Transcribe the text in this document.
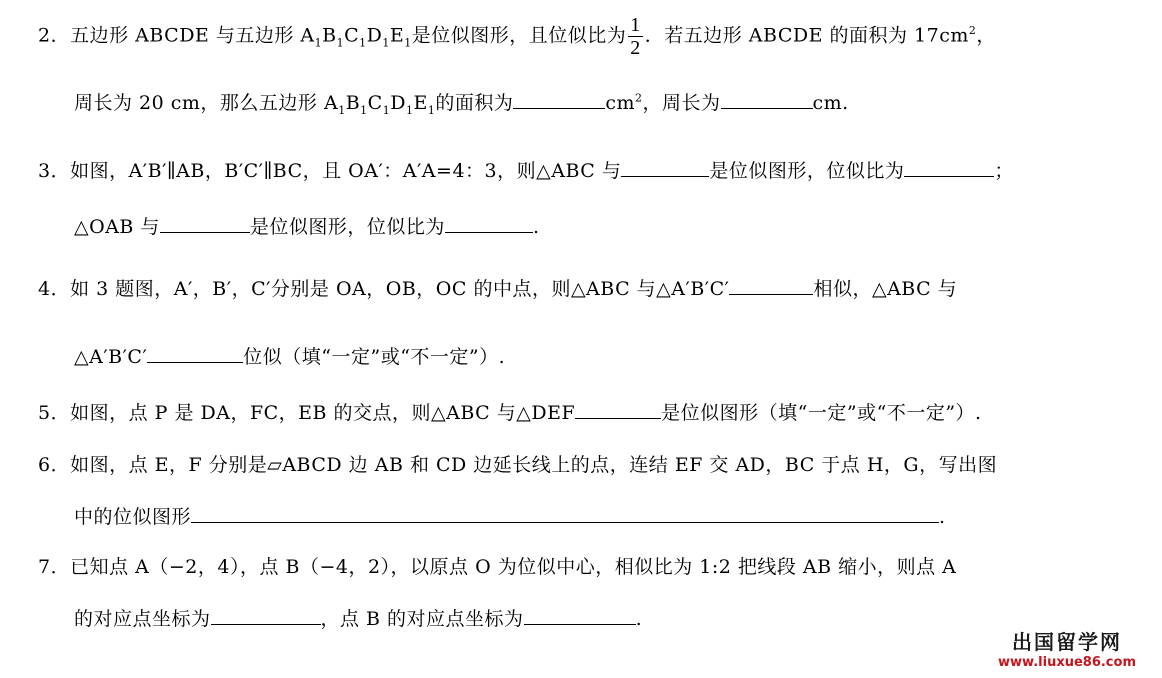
2．五边形 ABCDE 与五边形 $A_1B_1C_1D_1E_1$是位似图形，且位似比为 $\frac{1}{2}$ ．若五边形 ABCDE 的面积为 $17cm^2$，
周长为 20 cm，那么五边形 $A_1B_1C_1D_1E_1$的面积为	$cm^2$，周长为	cm.
3．如图，A′B′∥AB，B′C′∥BC，且 OA′：A′A=4：3，则△ABC 与	是位似图形，位似比为	；
△OAB 与	是位似图形，位似比为	.
4．如 3 题图，A′，B′，C′分别是 OA，OB，OC 的中点，则△ABC 与△A′B′C′	相似，△ABC 与
△A′B′C′	位似（填“一定”或“不一定”）.
5．如图，点 P 是 DA，FC，EB 的交点，则△ABC 与△DEF	是位似图形（填“一定”或“不一定”）.
6．如图，点 E，F 分别是▱ABCD 边 AB 和 CD 边延长线上的点，连结 EF 交 AD，BC 于点 H，G，写出图
中的位似图形	.
7．已知点 A（−2，4），点 B（−4，2），以原点 O 为位似中心，相似比为 1:2 把线段 AB 缩小，则点 A
的对应点坐标为	，点 B 的对应点坐标为	.
出国留学网
www.liuxue86.com
